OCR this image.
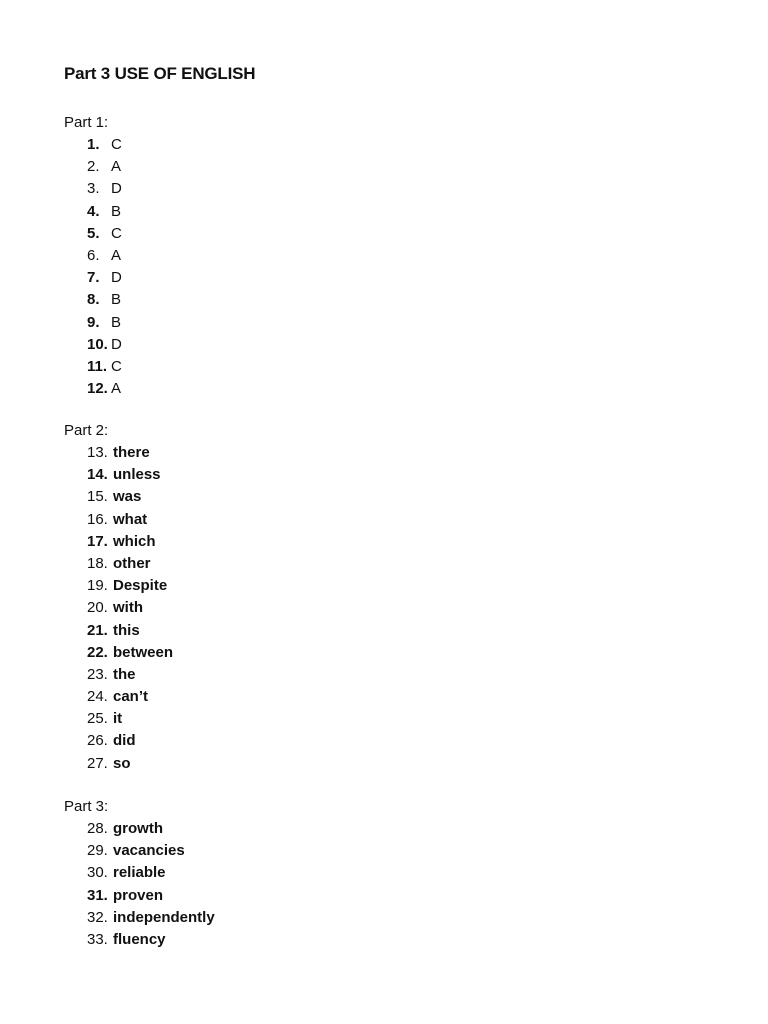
Part 3 USE OF ENGLISH
Part 1:
1. C
2. A
3. D
4. B
5. C
6. A
7. D
8. B
9. B
10. D
11. C
12. A
Part 2:
13. there
14. unless
15. was
16. what
17. which
18. other
19. Despite
20. with
21. this
22. between
23. the
24. can’t
25. it
26. did
27. so
Part 3:
28. growth
29. vacancies
30. reliable
31. proven
32. independently
33. fluency
